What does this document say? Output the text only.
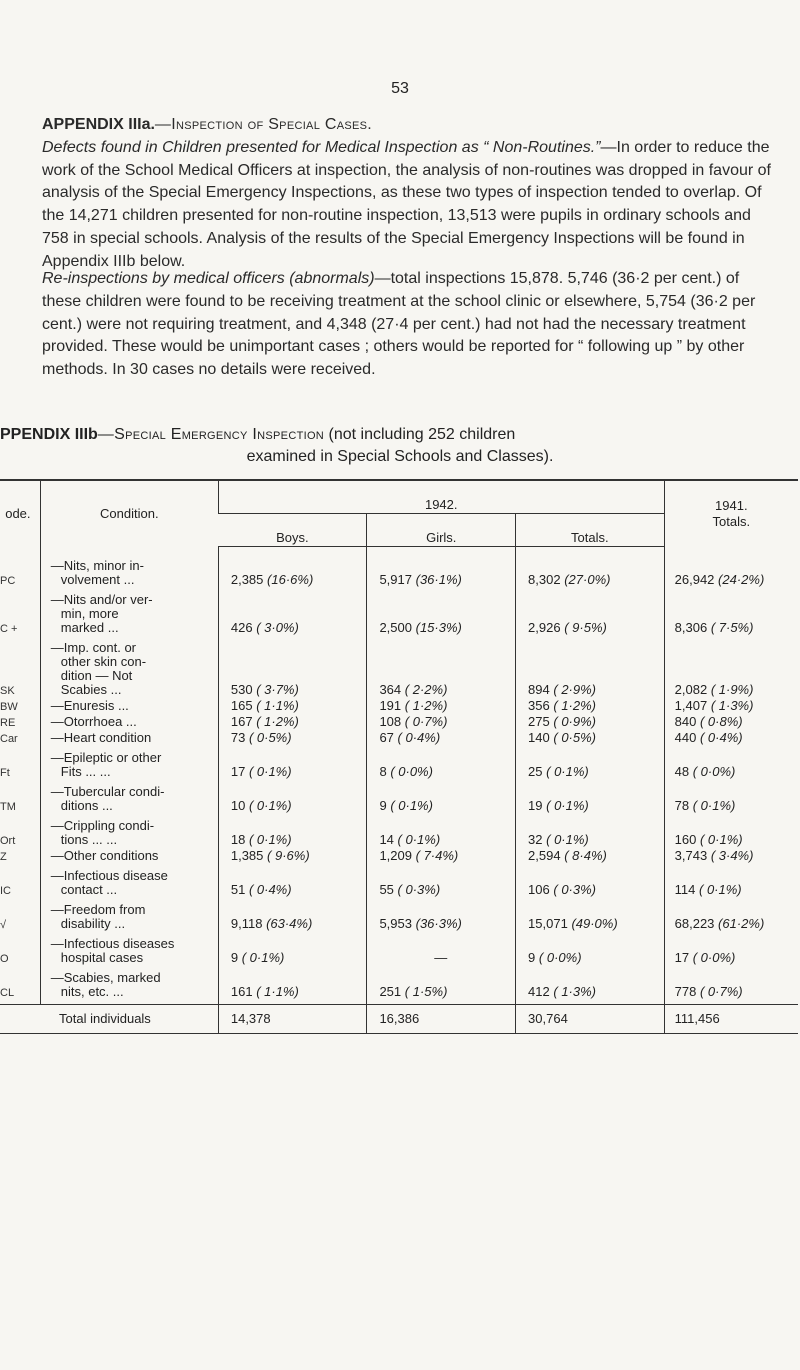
53
APPENDIX IIIa.—Inspection of Special Cases.
Defects found in Children presented for Medical Inspection as “ Non-Routines.”—In order to reduce the work of the School Medical Officers at inspection, the analysis of non-routines was dropped in favour of analysis of the Special Emergency Inspections, as these two types of inspection tended to overlap. Of the 14,271 children presented for non-routine inspection, 13,513 were pupils in ordinary schools and 758 in special schools. Analysis of the results of the Special Emergency Inspections will be found in Appendix IIIb below.
Re-inspections by medical officers (abnormals)—total inspections 15,878. 5,746 (36·2 per cent.) of these children were found to be receiving treatment at the school clinic or elsewhere, 5,754 (36·2 per cent.) were not requiring treatment, and 4,348 (27·4 per cent.) had not had the necessary treatment provided. These would be unimportant cases ; others would be reported for “ following up ” by other methods. In 30 cases no details were received.
PPENDIX IIIb—Special Emergency Inspection (not including 252 children
examined in Special Schools and Classes).
ode.	Condition.	1942.			1941.
Totals.
		Boys.	Girls.	Totals.	
PC	—Nits, minor in-
volvement ...	2,385 (16·6%)	5,917 (36·1%)	8,302 (27·0%)	26,942 (24·2%)
C +	—Nits and/or ver-
min, more
marked ...	426 ( 3·0%)	2,500 (15·3%)	2,926 ( 9·5%)	8,306 ( 7·5%)
SK	—Imp. cont. or
other skin con-
dition — Not
Scabies ...	530 ( 3·7%)	364 ( 2·2%)	894 ( 2·9%)	2,082 ( 1·9%)
BW	—Enuresis ...	165 ( 1·1%)	191 ( 1·2%)	356 ( 1·2%)	1,407 ( 1·3%)
RE	—Otorrhoea ...	167 ( 1·2%)	108 ( 0·7%)	275 ( 0·9%)	840 ( 0·8%)
Car	—Heart condition	73 ( 0·5%)	67 ( 0·4%)	140 ( 0·5%)	440 ( 0·4%)
Ft	—Epileptic or other
Fits ... ...	17 ( 0·1%)	8 ( 0·0%)	25 ( 0·1%)	48 ( 0·0%)
TM	—Tubercular condi-
ditions ...	10 ( 0·1%)	9 ( 0·1%)	19 ( 0·1%)	78 ( 0·1%)
Ort	—Crippling condi-
tions ... ...	18 ( 0·1%)	14 ( 0·1%)	32 ( 0·1%)	160 ( 0·1%)
Z	—Other conditions	1,385 ( 9·6%)	1,209 ( 7·4%)	2,594 ( 8·4%)	3,743 ( 3·4%)
IC	—Infectious disease
contact ...	51 ( 0·4%)	55 ( 0·3%)	106 ( 0·3%)	114 ( 0·1%)
√	—Freedom from
disability ...	9,118 (63·4%)	5,953 (36·3%)	15,071 (49·0%)	68,223 (61·2%)
O	—Infectious diseases
hospital cases	9 ( 0·1%)	—	9 ( 0·0%)	17 ( 0·0%)
CL	—Scabies, marked
nits, etc. ...	161 ( 1·1%)	251 ( 1·5%)	412 ( 1·3%)	778 ( 0·7%)
Total individuals		14,378	16,386	30,764	111,456
